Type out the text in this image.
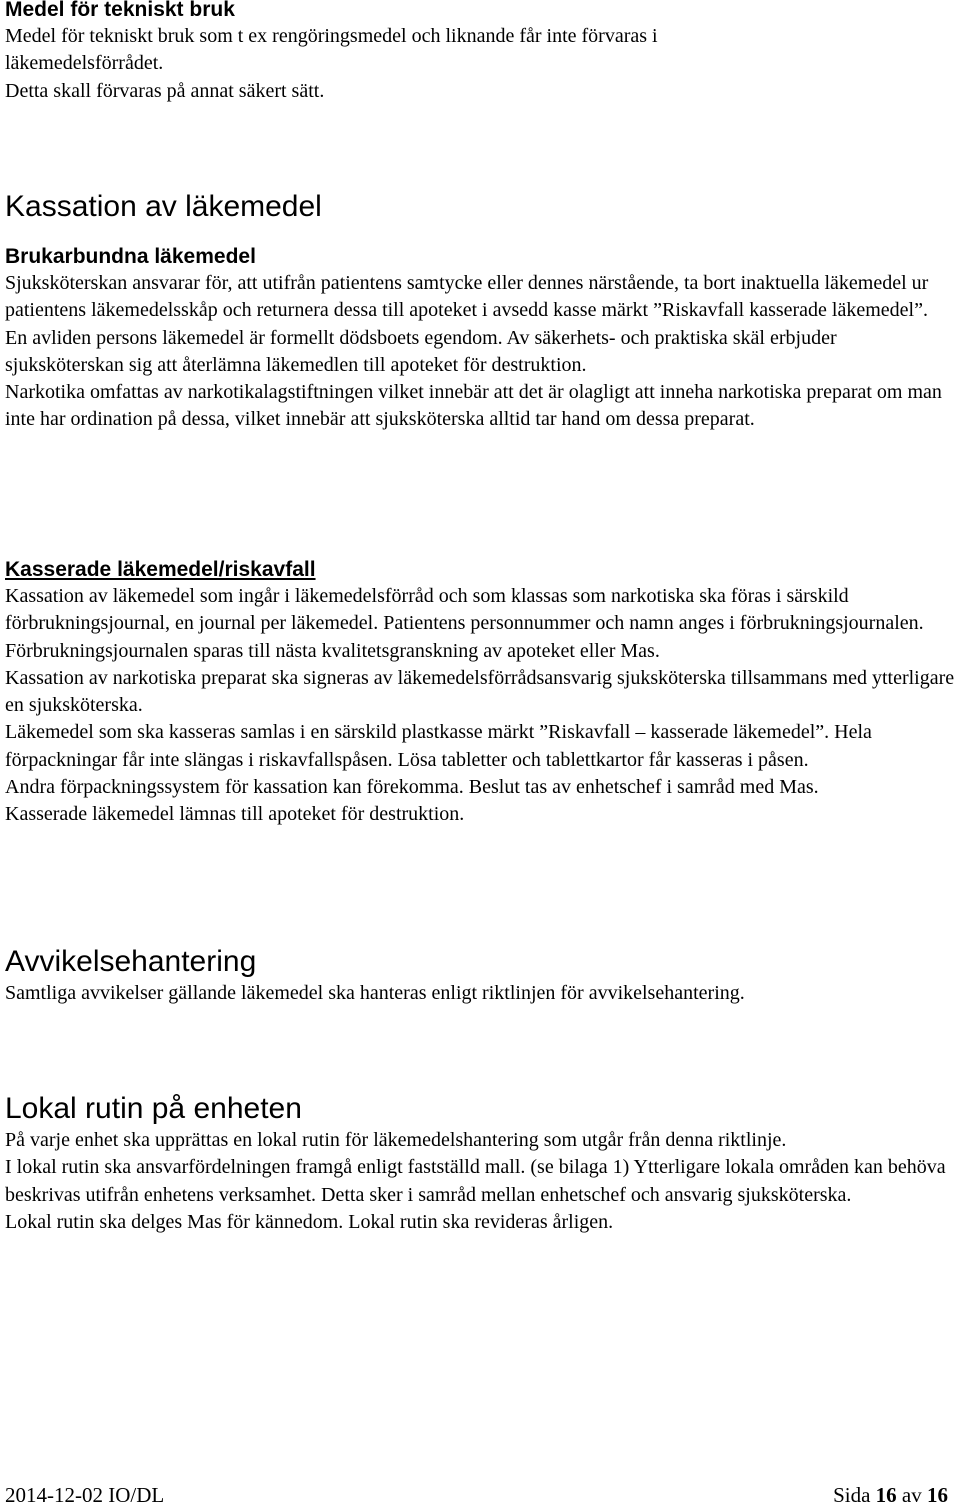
Medel för tekniskt bruk

Medel för tekniskt bruk som t ex rengöringsmedel och liknande får inte förvaras i

läkemedelsförrådet.

Detta skall förvaras på annat säkert sätt.

Kassation av läkemedel
Brukarbundna läkemedel

Sjuksköterskan ansvarar för, att utifrån patientens samtycke eller dennes närstående, ta bort inaktuella läkemedel ur patientens läkemedelsskåp och returnera dessa till apoteket i avsedd kasse märkt ”Riskavfall kasserade läkemedel”.

En avliden persons läkemedel är formellt dödsboets egendom. Av säkerhets- och praktiska skäl erbjuder sjuksköterskan sig att återlämna läkemedlen till apoteket för destruktion.

Narkotika omfattas av narkotikalagstiftningen vilket innebär att det är olagligt att inneha narkotiska preparat om man inte har ordination på dessa, vilket innebär att sjuksköterska alltid tar hand om dessa preparat.

Kasserade läkemedel/riskavfall

Kassation av läkemedel som ingår i läkemedelsförråd och som klassas som narkotiska ska föras i särskild förbrukningsjournal, en journal per läkemedel. Patientens personnummer och namn anges i förbrukningsjournalen.

Förbrukningsjournalen sparas till nästa kvalitetsgranskning av apoteket eller Mas.

Kassation av narkotiska preparat ska signeras av läkemedelsförrådsansvarig sjuksköterska tillsammans med ytterligare en sjuksköterska.

Läkemedel som ska kasseras samlas i en särskild plastkasse märkt ”Riskavfall – kasserade läkemedel”. Hela förpackningar får inte slängas i riskavfallspåsen. Lösa tabletter och tablettkartor får kasseras i påsen.

Andra förpackningssystem för kassation kan förekomma. Beslut tas av enhetschef i samråd med Mas.

Kasserade läkemedel lämnas till apoteket för destruktion.

Avvikelsehantering

Samtliga avvikelser gällande läkemedel ska hanteras enligt riktlinjen för avvikelsehantering.

Lokal rutin på enheten

På varje enhet ska upprättas en lokal rutin för läkemedelshantering som utgår från denna riktlinje.

I lokal rutin ska ansvarfördelningen framgå enligt fastställd mall. (se bilaga 1) Ytterligare lokala områden kan behöva beskrivas utifrån enhetens verksamhet. Detta sker i samråd mellan enhetschef och ansvarig sjuksköterska.

Lokal rutin ska delges Mas för kännedom. Lokal rutin ska revideras årligen.

2014-12-02 IO/DL	Sida 16 av 16
